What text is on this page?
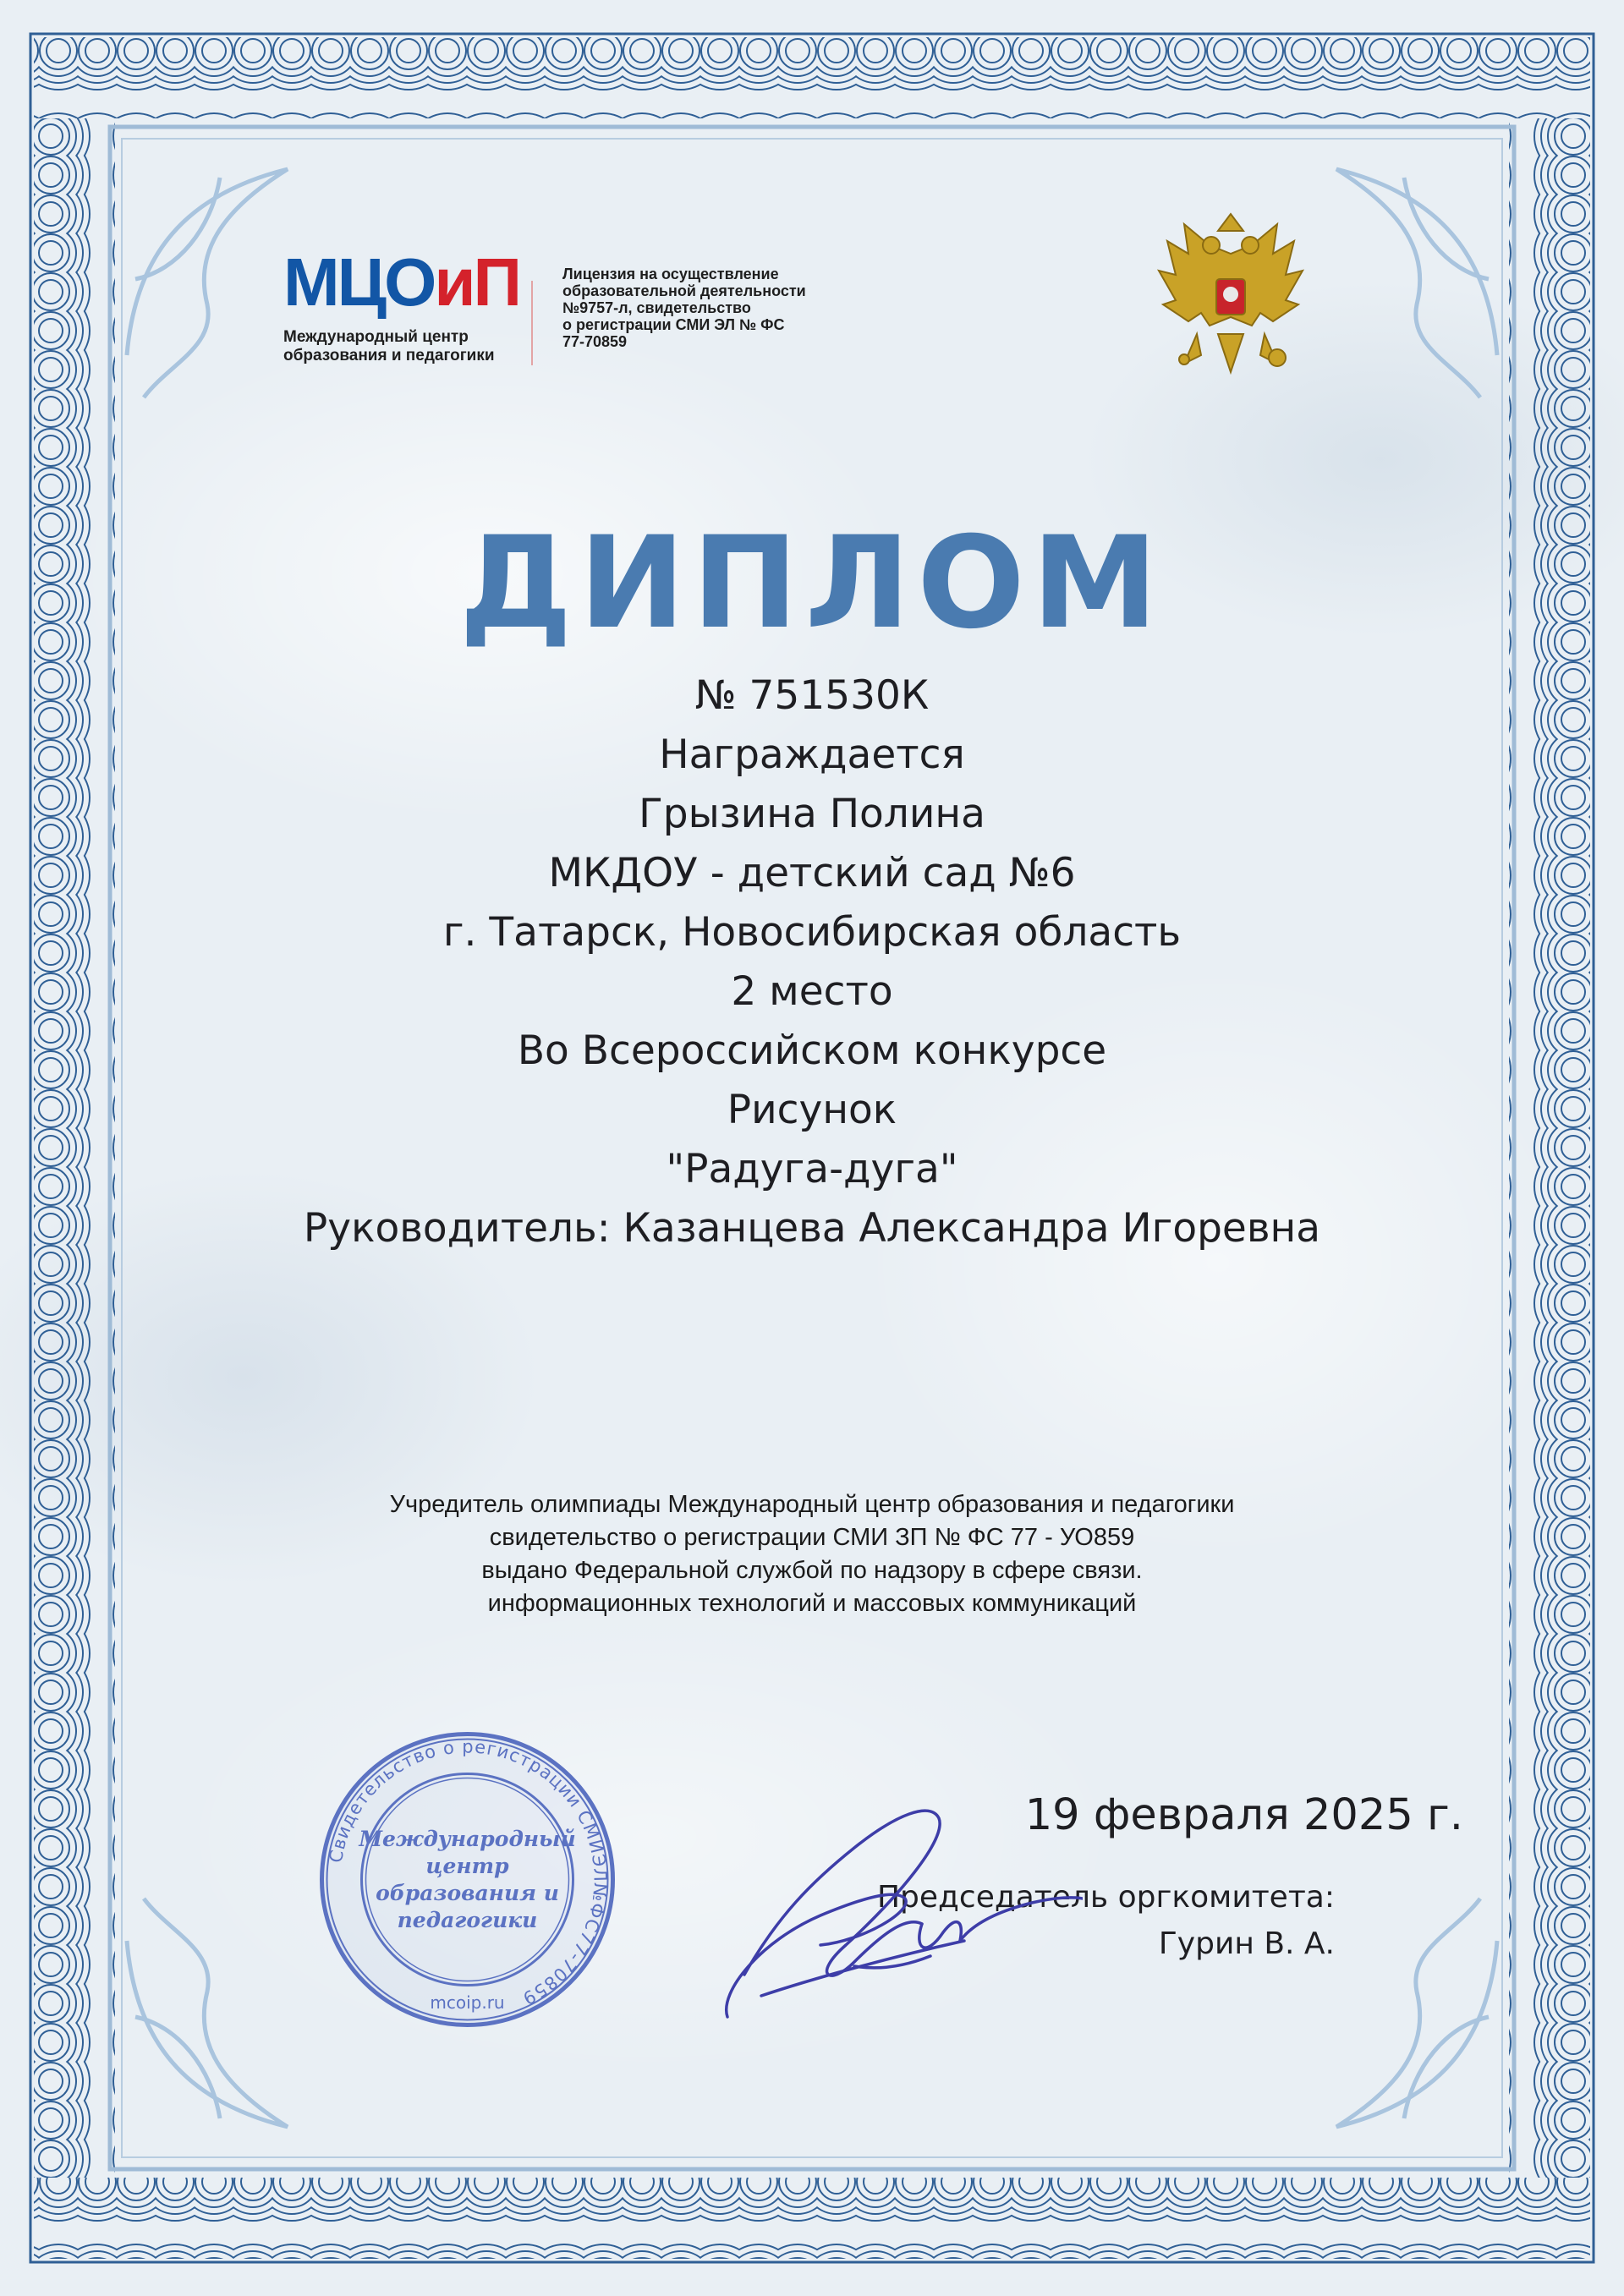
МЦОиП
Международный центр
образования и педагогики
Лицензия на осуществление
образовательной деятельности
№9757-л, свидетельство
о регистрации СМИ ЭЛ № ФС
77-70859
ДИПЛОМ
№ 751530К
Награждается
Грызина Полина
МКДОУ - детский сад №6
г. Татарск, Новосибирская область
2 место
Во Всероссийском конкурсе
Рисунок
"Радуга-дуга"
Руководитель: Казанцева Александра Игоревна
Учредитель олимпиады Международный центр образования и педагогики
свидетельство о регистрации СМИ ЗП № ФС 77 - УО859
выдано Федеральной службой по надзору в сфере связи.
информационных технологий и массовых коммуникаций
Свидетельство о регистрации СМИЭЛ№ФС77-70859
Международный
центр
образования и
педагогики
mcoip.ru
19 февраля 2025 г.
Председатель оргкомитета:
Гурин В. А.
